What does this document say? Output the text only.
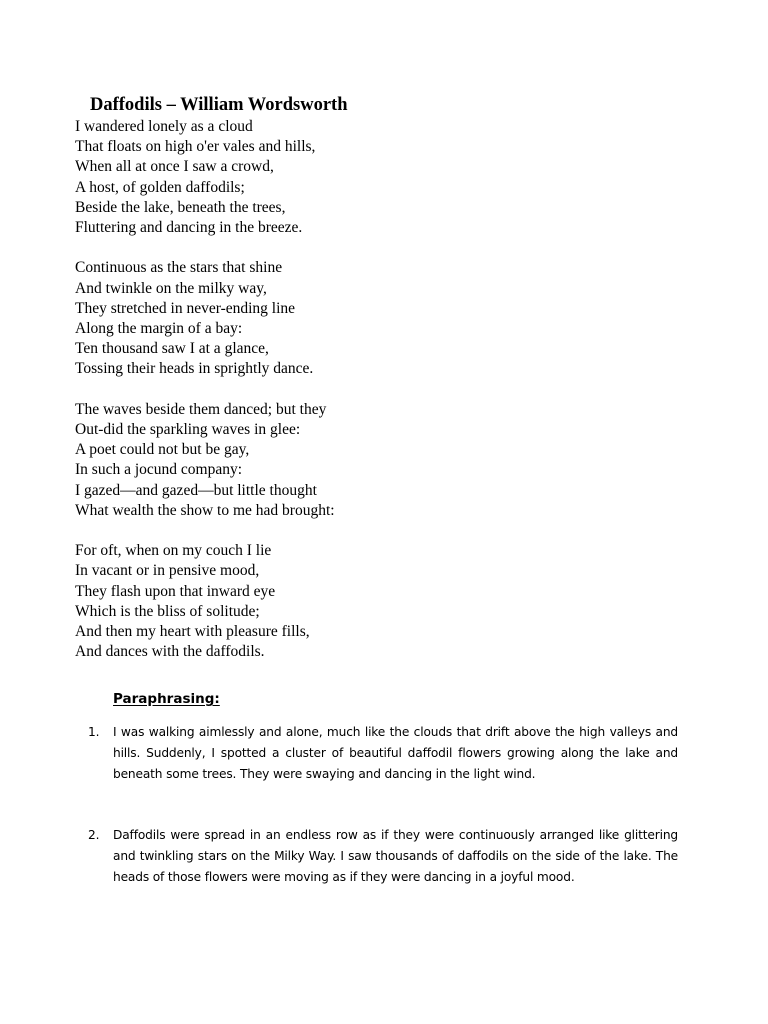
Daffodils – William Wordsworth

I wandered lonely as a cloud
That floats on high o'er vales and hills,
When all at once I saw a crowd,
A host, of golden daffodils;
Beside the lake, beneath the trees,
Fluttering and dancing in the breeze.

Continuous as the stars that shine
And twinkle on the milky way,
They stretched in never-ending line
Along the margin of a bay:
Ten thousand saw I at a glance,
Tossing their heads in sprightly dance.

The waves beside them danced; but they
Out-did the sparkling waves in glee:
A poet could not but be gay,
In such a jocund company:
I gazed—and gazed—but little thought
What wealth the show to me had brought:

For oft, when on my couch I lie
In vacant or in pensive mood,
They flash upon that inward eye
Which is the bliss of solitude;
And then my heart with pleasure fills,
And dances with the daffodils.

Paraphrasing:
1.	I was walking aimlessly and alone, much like the clouds that drift above the high valleys and hills. Suddenly, I spotted a cluster of beautiful daffodil flowers growing along the lake and beneath some trees. They were swaying and dancing in the light wind.
2.	Daffodils were spread in an endless row as if they were continuously arranged like glittering and twinkling stars on the Milky Way. I saw thousands of daffodils on the side of the lake. The heads of those flowers were moving as if they were dancing in a joyful mood.
